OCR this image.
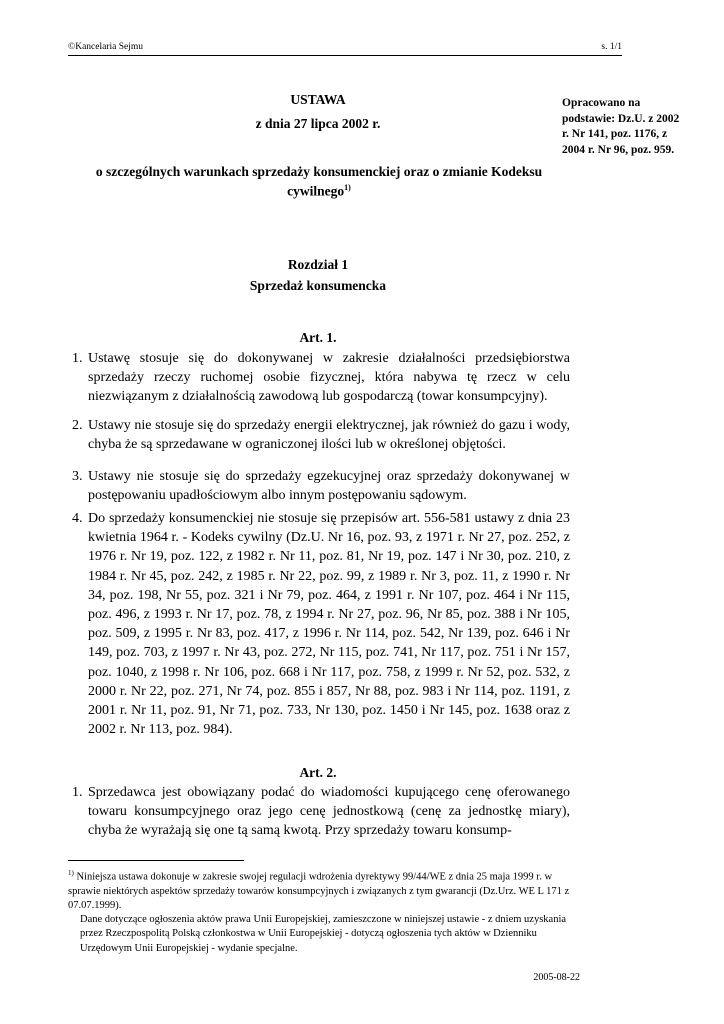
©Kancelaria Sejmu	s. 1/1
Opracowano na podstawie: Dz.U. z 2002 r. Nr 141, poz. 1176, z 2004 r. Nr 96, poz. 959.
USTAWA
z dnia 27 lipca 2002 r.
o szczególnych warunkach sprzedaży konsumenckiej oraz o zmianie Kodeksu
cywilnego$^{1)}$
Rozdział 1
Sprzedaż konsumencka
Art. 1.
1. Ustawę stosuje się do dokonywanej w zakresie działalności przedsiębiorstwa sprzedaży rzeczy ruchomej osobie fizycznej, która nabywa tę rzecz w celu niezwiązanym z działalnością zawodową lub gospodarczą (towar konsumpcyjny).
2. Ustawy nie stosuje się do sprzedaży energii elektrycznej, jak również do gazu i wody, chyba że są sprzedawane w ograniczonej ilości lub w określonej objętości.
3. Ustawy nie stosuje się do sprzedaży egzekucyjnej oraz sprzedaży dokonywanej w postępowaniu upadłościowym albo innym postępowaniu sądowym.
4. Do sprzedaży konsumenckiej nie stosuje się przepisów art. 556-581 ustawy z dnia 23 kwietnia 1964 r. - Kodeks cywilny (Dz.U. Nr 16, poz. 93, z 1971 r. Nr 27, poz. 252, z 1976 r. Nr 19, poz. 122, z 1982 r. Nr 11, poz. 81, Nr 19, poz. 147 i Nr 30, poz. 210, z 1984 r. Nr 45, poz. 242, z 1985 r. Nr 22, poz. 99, z 1989 r. Nr 3, poz. 11, z 1990 r. Nr 34, poz. 198, Nr 55, poz. 321 i Nr 79, poz. 464, z 1991 r. Nr 107, poz. 464 i Nr 115, poz. 496, z 1993 r. Nr 17, poz. 78, z 1994 r. Nr 27, poz. 96, Nr 85, poz. 388 i Nr 105, poz. 509, z 1995 r. Nr 83, poz. 417, z 1996 r. Nr 114, poz. 542, Nr 139, poz. 646 i Nr 149, poz. 703, z 1997 r. Nr 43, poz. 272, Nr 115, poz. 741, Nr 117, poz. 751 i Nr 157, poz. 1040, z 1998 r. Nr 106, poz. 668 i Nr 117, poz. 758, z 1999 r. Nr 52, poz. 532, z 2000 r. Nr 22, poz. 271, Nr 74, poz. 855 i 857, Nr 88, poz. 983 i Nr 114, poz. 1191, z 2001 r. Nr 11, poz. 91, Nr 71, poz. 733, Nr 130, poz. 1450 i Nr 145, poz. 1638 oraz z 2002 r. Nr 113, poz. 984).
Art. 2.
1. Sprzedawca jest obowiązany podać do wiadomości kupującego cenę oferowanego towaru konsumpcyjnego oraz jego cenę jednostkową (cenę za jednostkę miary), chyba że wyrażają się one tą samą kwotą. Przy sprzedaży towaru konsump-
$^{1)}$ Niniejsza ustawa dokonuje w zakresie swojej regulacji wdrożenia dyrektywy 99/44/WE z dnia 25 maja 1999 r. w sprawie niektórych aspektów sprzedaży towarów konsumpcyjnych i związanych z tym gwarancji (Dz.Urz. WE L 171 z 07.07.1999).
Dane dotyczące ogłoszenia aktów prawa Unii Europejskiej, zamieszczone w niniejszej ustawie - z dniem uzyskania przez Rzeczpospolitą Polską członkostwa w Unii Europejskiej - dotyczą ogłoszenia tych aktów w Dzienniku Urzędowym Unii Europejskiej - wydanie specjalne.
2005-08-22
